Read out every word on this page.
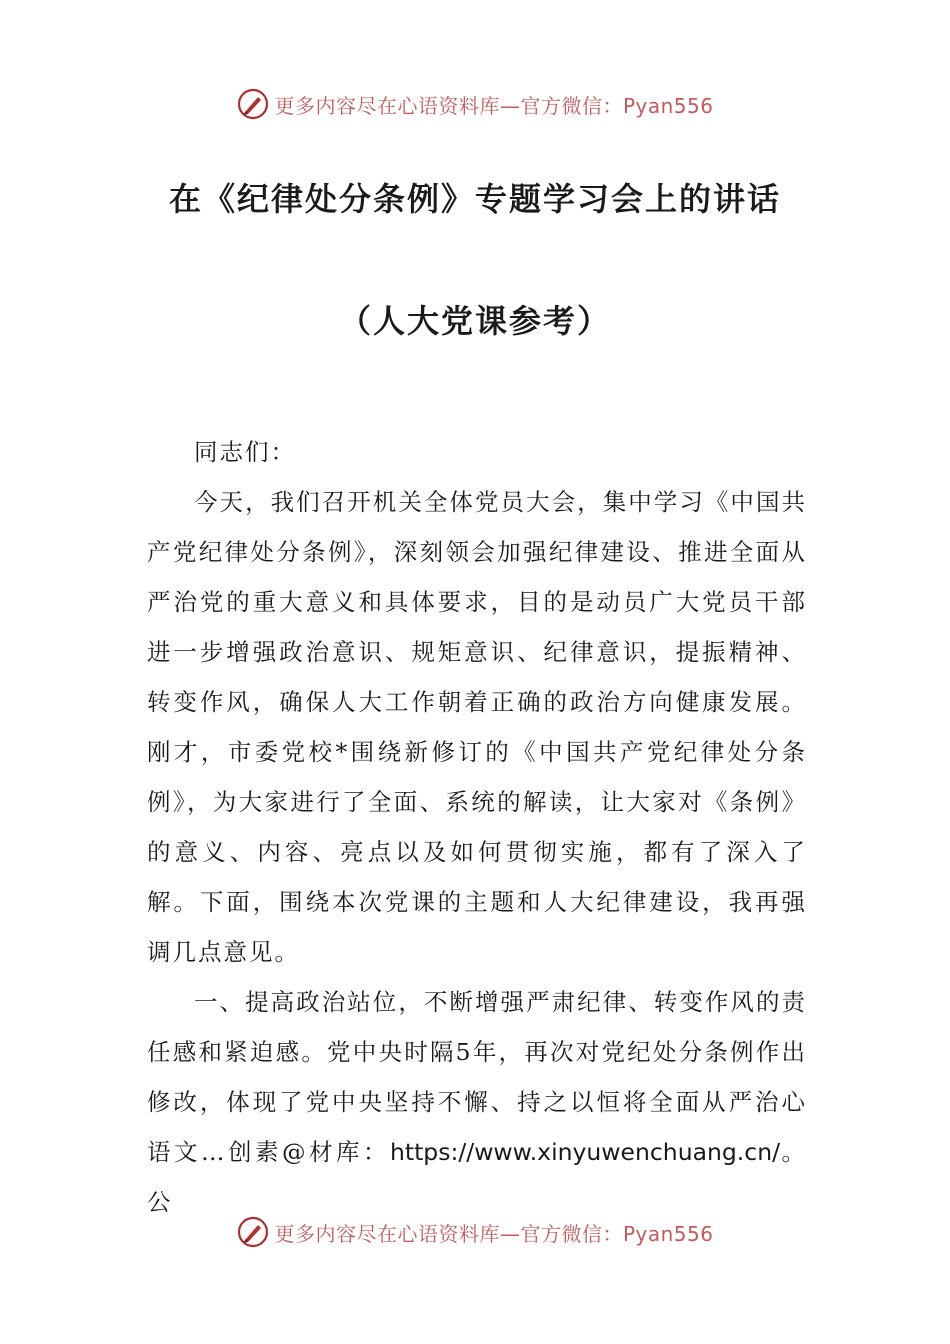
更多内容尽在心语资料库—官方微信：Pyan556
在《纪律处分条例》专题学习会上的讲话
（人大党课参考）

同志们：

今天，我们召开机关全体党员大会，集中学习《中国共产党纪律处分条例》，深刻领会加强纪律建设、推进全面从严治党的重大意义和具体要求，目的是动员广大党员干部进一步增强政治意识、规矩意识、纪律意识，提振精神、转变作风，确保人大工作朝着正确的政治方向健康发展。刚才，市委党校*围绕新修订的《中国共产党纪律处分条例》，为大家进行了全面、系统的解读，让大家对《条例》的意义、内容、亮点以及如何贯彻实施，都有了深入了解。下面，围绕本次党课的主题和人大纪律建设，我再强调几点意见。

一、提高政治站位，不断增强严肃纪律、转变作风的责任感和紧迫感。党中央时隔5年，再次对党纪处分条例作出修改，体现了党中央坚持不懈、持之以恒将全面从严治心语文…创素@材库：https://www.xinyuwenchuang.cn/。公

更多内容尽在心语资料库—官方微信：Pyan556
